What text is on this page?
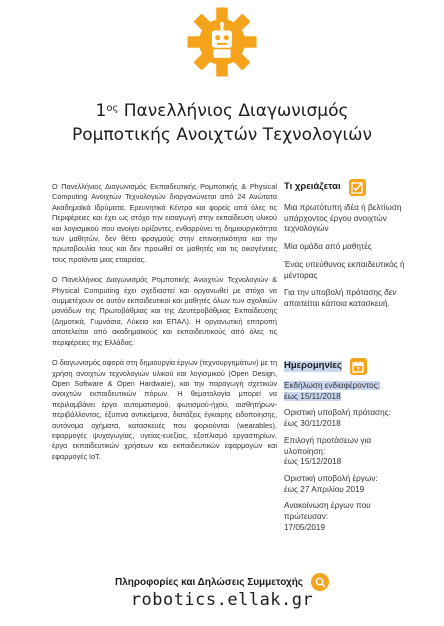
$1^{o\varsigma}$ Πανελλήνιος Διαγωνισμός
Ρομποτικής Ανοιχτών Τεχνολογιών

Ο Πανελλήνιος Διαγωνισμός Εκπαιδευτικής Ρομποτικής & Physical Computing Ανοιχτών Τεχνολογιών διοργανώνεται από 24 Ανώτατα Ακαδημαϊκά Ιδρύματα, Ερευνητικά Κέντρα και φορείς από όλες τις Περιφέρειες και έχει ως στόχο την εισαγωγή στην εκπαίδευση υλικού και λογισμικού που ανοίγει ορίζοντες, ενθαρρύνει τη δημιουργικότητα των μαθητών, δεν θέτει φραγμούς στην επινοητικότητα και την πρωτοβουλία τους και δεν προωθεί σε μαθητές και τις οικογένειες τους προϊόντα μιας εταιρείας.

Ο Πανελλήνιος Διαγωνισμός Ρομποτικής Ανοιχτών Τεχνολογιών & Physical Computing έχει σχεδιαστεί και οργανωθεί με στόχο να συμμετέχουν σε αυτόν εκπαιδευτικοί και μαθητές όλων των σχολικών μονάδων της Πρωτοβάθμιας και της Δευτεροβάθμιας Εκπαίδευσης (Δημοτικά, Γυμνάσια, Λύκεια και ΕΠΑΛ). Η οργανωτική επιτροπή αποτελείται από ακαδημαϊκούς και εκπαιδευτικούς από όλες τις περιφέρειες της Ελλάδας.

Ο διαγωνισμός αφορά στη δημιουργία έργων (τεχνουργημάτων) με τη χρήση ανοιχτών τεχνολογιών υλικού και λογισμικού (Open Design, Open Software & Open Hardware), και την παραγωγή σχετικών ανοιχτών εκπαιδευτικών πόρων. Η θεματολογία μπορεί να περιλαμβάνει έργα αυτοματισμού, φωτισμού-ήχου, αισθητήρων-περιβάλλοντος, έξυπνα αντικείμενα, διατάξεις έγκαιρης ειδοποίησης, αυτόνομα οχήματα, κατασκευές που φοριούνται (wearables), εφαρμογές ψυχαγωγίας, υγείας-ευεξίας, εξοπλισμό εργαστηρίων, έργα εκπαιδευτικών χρήσεων και εκπαιδευτικών εφαρμογών και εφαρμογές IoT.

Τι χρειάζεται
Μια πρωτότυπη ιδέα ή βελτίωση υπάρχοντος έργου ανοιχτών τεχνολογιών
Μία ομάδα από μαθητές
Ένας υπεύθυνος εκπαιδευτικός ή μέντορας
Για την υποβολή πρότασης δεν απαιτείται κάποια κατασκευή.
Ημερομηνίες	7
Εκδήλωση ενδιαφέροντος:
έως 15/11/2018
Οριστική υποβολή πρότασης:
έως 30/11/2018
Επιλογή προτάσεων για υλοποίηση:
έως 15/12/2018
Οριστική υποβολή έργων:
έως 27 Απριλίου 2019
Ανακοίνωση έργων που πρώτευσαν:
17/05/2019
Πληροφορίες και Δηλώσεις Συμμετοχής
robotics.ellak.gr
